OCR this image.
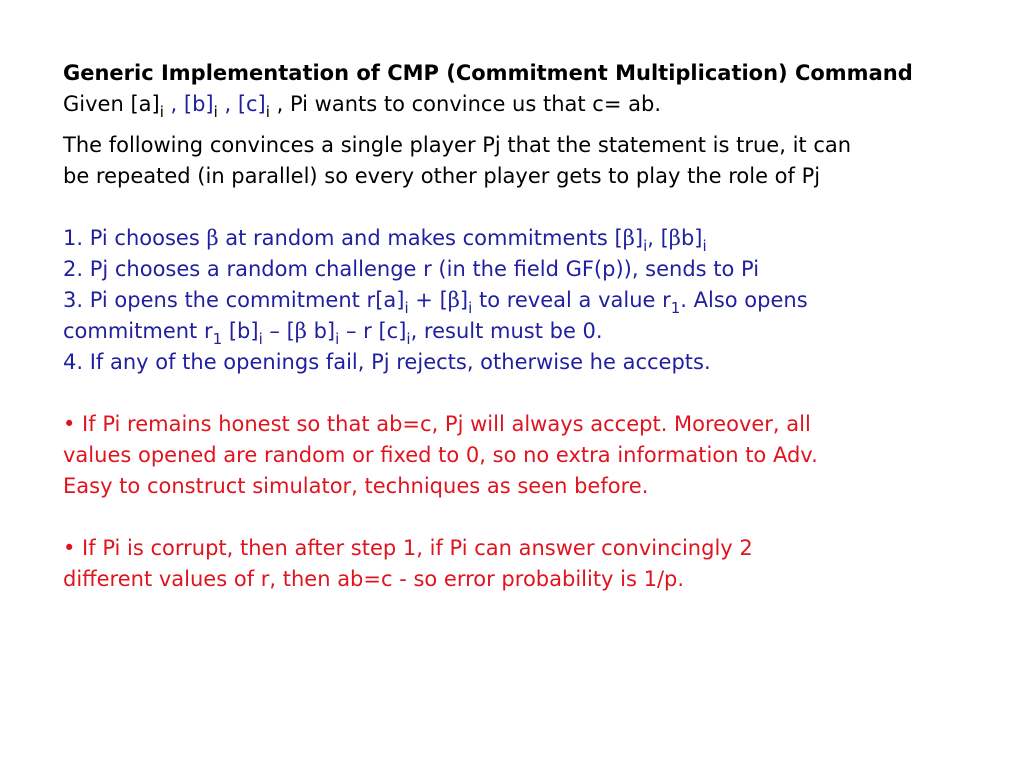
Generic Implementation of CMP (Commitment Multiplication) Command
Given $[a]_i$ , $[b]_i$ , $[c]_i$ , Pi wants to convince us that c= ab.
The following convinces a single player Pj that the statement is true, it can
be repeated (in parallel) so every other player gets to play the role of Pj
1. Pi chooses β at random and makes commitments $[\beta]_i$, $[\beta b]_i$
2. Pj chooses a random challenge r (in the field GF(p)), sends to Pi
3. Pi opens the commitment $r[a]_i + [\beta]_i$ to reveal a value $r_1$. Also opens
commitment $r_1$ $[b]_i - [\beta$ $b]_i$ – r $[c]_i$, result must be 0.
4. If any of the openings fail, Pj rejects, otherwise he accepts.
• If Pi remains honest so that ab=c, Pj will always accept. Moreover, all
values opened are random or fixed to 0, so no extra information to Adv.
Easy to construct simulator, techniques as seen before.
• If Pi is corrupt, then after step 1, if Pi can answer convincingly 2
different values of r, then ab=c - so error probability is 1/p.
